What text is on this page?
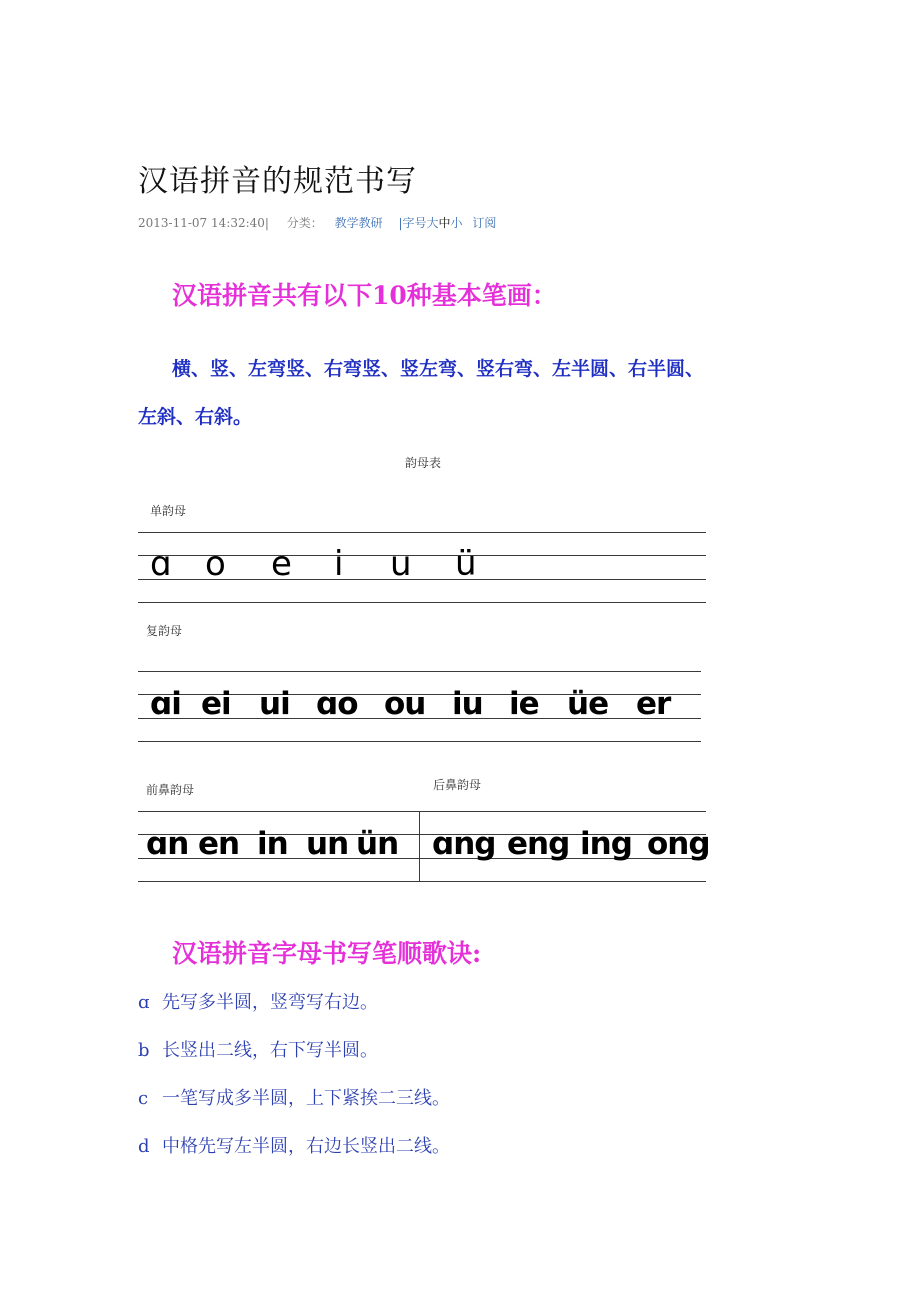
汉语拼音的规范书写
2013-11-07 14:32:40| 分类： 教学教研 |字号大中小 订阅
汉语拼音共有以下10种基本笔画：
横、竖、左弯竖、右弯竖、竖左弯、竖右弯、左半圆、右半圆、
左斜、右斜。
韵母表
单韵母
ɑ o e i u ü
复韵母
ɑi ei ui ɑo ou iu ie üe er
前鼻韵母	后鼻韵母
ɑn en in un ün ɑng eng ing ong
汉语拼音字母书写笔顺歌诀:
ɑ 先写多半圆，竖弯写右边。
b 长竖出二线，右下写半圆。
c 一笔写成多半圆，上下紧挨二三线。
d 中格先写左半圆，右边长竖出二线。
